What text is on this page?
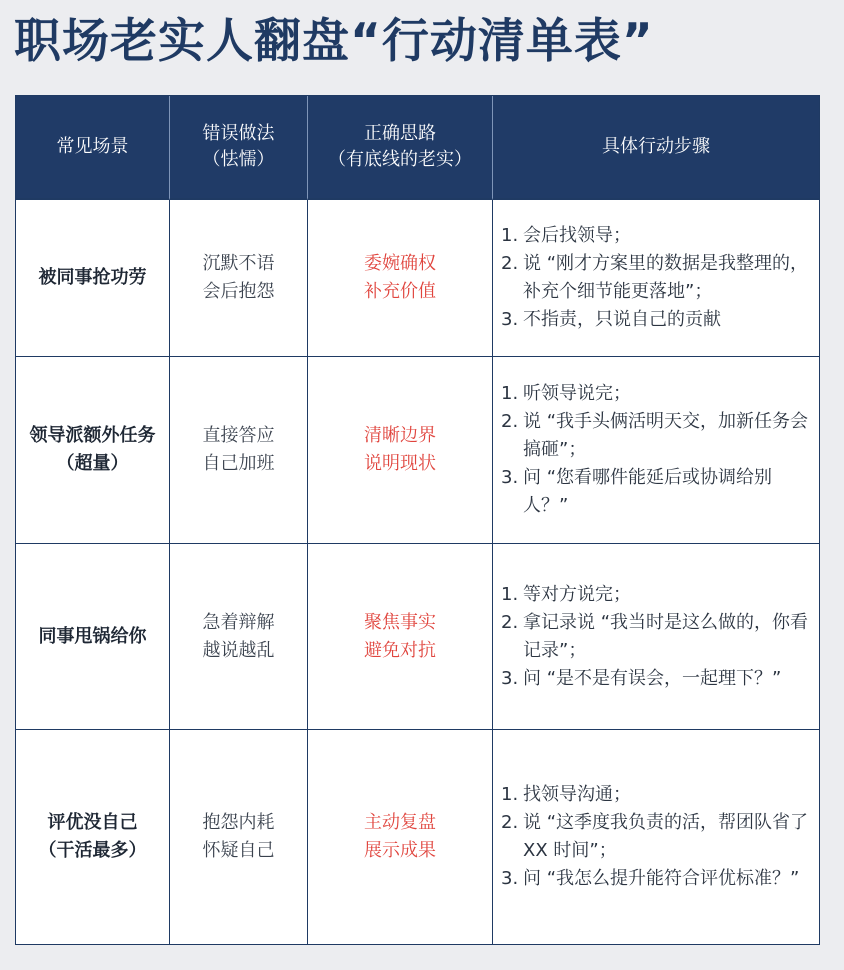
职场老实人翻盘“行动清单表”
常见场景
错误做法
（怯懦）
正确思路
（有底线的老实）
具体行动步骤
被同事抢功劳
沉默不语
会后抱怨
委婉确权
补充价值
1. 会后找领导；
2. 说 “刚才方案里的数据是我整理的，补充个细节能更落地”；
3. 不指责，只说自己的贡献
领导派额外任务
（超量）
直接答应
自己加班
清晰边界
说明现状
1. 听领导说完；
2. 说 “我手头俩活明天交，加新任务会搞砸”；
3. 问 “您看哪件能延后或协调给别人？”
同事甩锅给你
急着辩解
越说越乱
聚焦事实
避免对抗
1. 等对方说完；
2. 拿记录说 “我当时是这么做的，你看记录”；
3. 问 “是不是有误会，一起理下？”
评优没自己
（干活最多）
抱怨内耗
怀疑自己
主动复盘
展示成果
1. 找领导沟通；
2. 说 “这季度我负责的活，帮团队省了 XX 时间”；
3. 问 “我怎么提升能符合评优标准？”
